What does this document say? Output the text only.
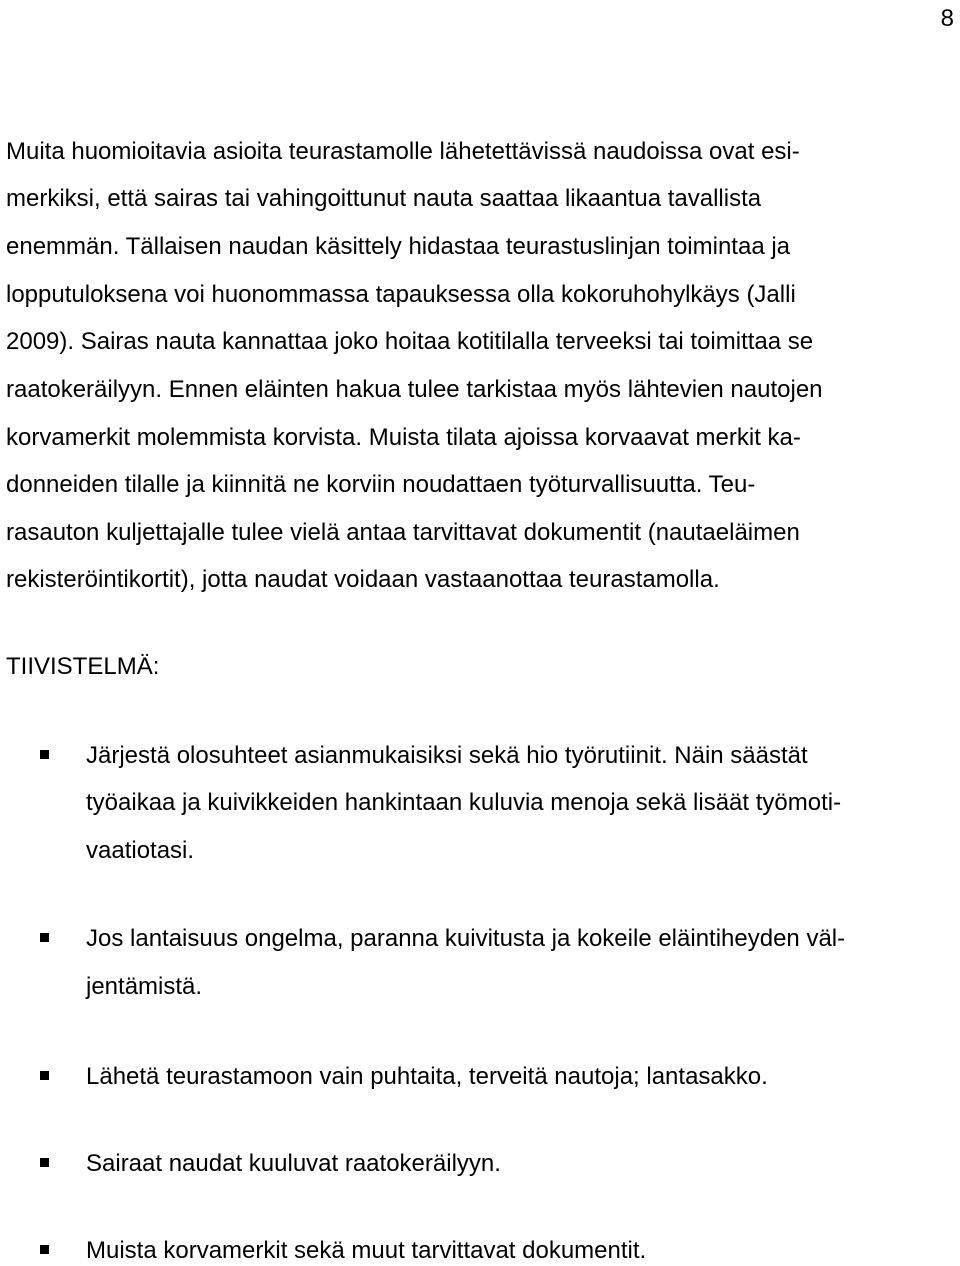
8
Muita huomioitavia asioita teurastamolle lähetettävissä naudoissa ovat esi-
merkiksi, että sairas tai vahingoittunut nauta saattaa likaantua tavallista
enemmän. Tällaisen naudan käsittely hidastaa teurastuslinjan toimintaa ja
lopputuloksena voi huonommassa tapauksessa olla kokoruhohylkäys (Jalli
2009). Sairas nauta kannattaa joko hoitaa kotitilalla terveeksi tai toimittaa se
raatokeräilyyn. Ennen eläinten hakua tulee tarkistaa myös lähtevien nautojen
korvamerkit molemmista korvista. Muista tilata ajoissa korvaavat merkit ka-
donneiden tilalle ja kiinnitä ne korviin noudattaen työturvallisuutta. Teu-
rasauton kuljettajalle tulee vielä antaa tarvittavat dokumentit (nautaeläimen
rekisteröintikortit), jotta naudat voidaan vastaanottaa teurastamolla.
TIIVISTELMÄ:
Järjestä olosuhteet asianmukaisiksi sekä hio työrutiinit. Näin säästät
työaikaa ja kuivikkeiden hankintaan kuluvia menoja sekä lisäät työmoti-
vaatiotasi.
Jos lantaisuus ongelma, paranna kuivitusta ja kokeile eläintiheyden väl-
jentämistä.
Lähetä teurastamoon vain puhtaita, terveitä nautoja; lantasakko.
Sairaat naudat kuuluvat raatokeräilyyn.
Muista korvamerkit sekä muut tarvittavat dokumentit.
